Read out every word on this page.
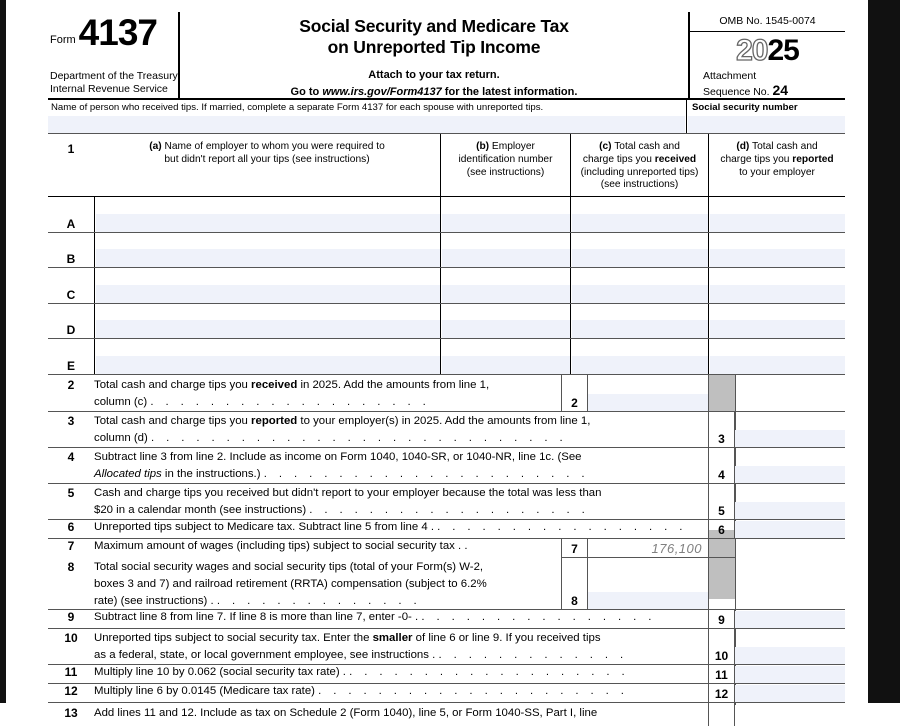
Form 4137
Department of the Treasury
Internal Revenue Service
Social Security and Medicare Tax
on Unreported Tip Income
Attach to your tax return.
Go to www.irs.gov/Form4137 for the latest information.
OMB No. 1545-0074
2025
Attachment
Sequence No. 24
Name of person who received tips. If married, complete a separate Form 4137 for each spouse with unreported tips.	Social security number
1	(a) Name of employer to whom you were required to
but didn't report all your tips (see instructions)
(b) Employer
identification number
(see instructions)
(c) Total cash and
charge tips you received
(including unreported tips)
(see instructions)
(d) Total cash and
charge tips you reported
to your employer
A
B
C
D
E
2	Total cash and charge tips you received in 2025. Add the amounts from line 1,
column (c) . . . . . . . . . . . . . . . . . . .	2
3	Total cash and charge tips you reported to your employer(s) in 2025. Add the amounts from line 1,
column (d) . . . . . . . . . . . . . . . . . . . . . . . . . . . .	3
4	Subtract line 3 from line 2. Include as income on Form 1040, 1040-SR, or 1040-NR, line 1c. (See
Allocated tips in the instructions.) . . . . . . . . . . . . . . . . . . . . . .	4
5	Cash and charge tips you received but didn't report to your employer because the total was less than
$20 in a calendar month (see instructions) . . . . . . . . . . . . . . . . . . .	5
6	Unreported tips subject to Medicare tax. Subtract line 5 from line 4 . . . . . . . . . . . . . . . . . .	6
7	Maximum amount of wages (including tips) subject to social security tax . .	7	176,100
8	Total social security wages and social security tips (total of your Form(s) W-2,
boxes 3 and 7) and railroad retirement (RRTA) compensation (subject to 6.2%
rate) (see instructions) . . . . . . . . . . . . . . .	8
9	Subtract line 8 from line 7. If line 8 is more than line 7, enter -0- . . . . . . . . . . . . . . . . .	9
10	Unreported tips subject to social security tax. Enter the smaller of line 6 or line 9. If you received tips
as a federal, state, or local government employee, see instructions . . . . . . . . . . . . . .	10
11	Multiply line 10 by 0.062 (social security tax rate) . . . . . . . . . . . . . . . . . . . .	11
12	Multiply line 6 by 0.0145 (Medicare tax rate) . . . . . . . . . . . . . . . . . . . . .	12
13	Add lines 11 and 12. Include as tax on Schedule 2 (Form 1040), line 5, or Form 1040-SS, Part I, line
